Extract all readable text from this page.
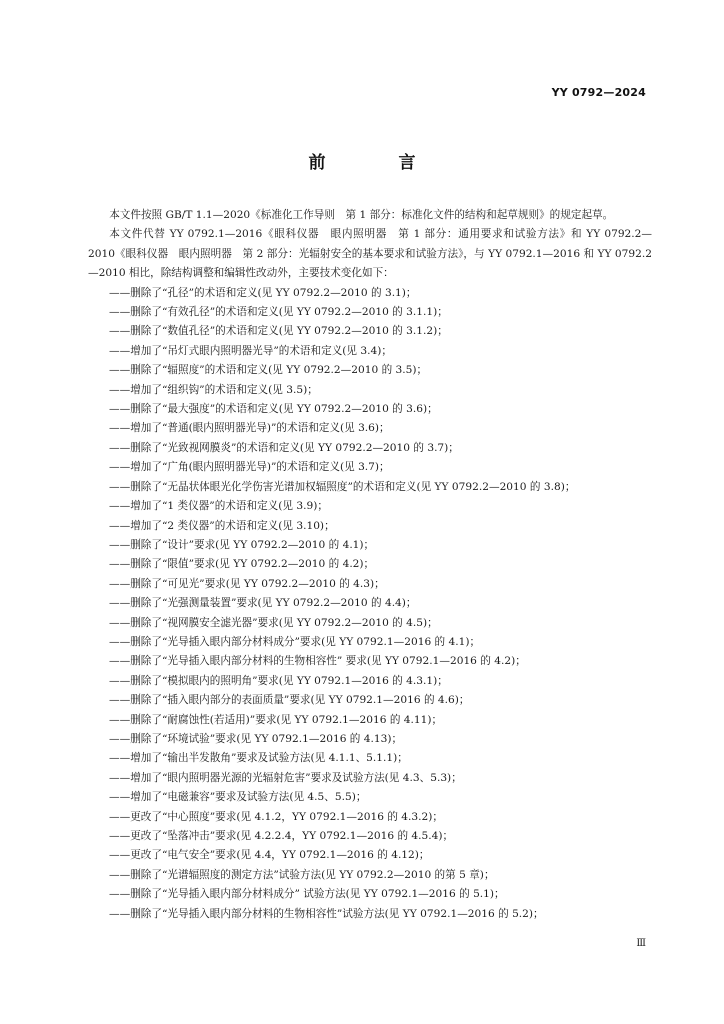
YY 0792—2024
前　言

本文件按照 GB/T 1.1—2020《标准化工作导则　第 1 部分：标准化文件的结构和起草规则》的规定起草。

本文件代替 YY 0792.1—2016《眼科仪器　眼内照明器　第 1 部分：通用要求和试验方法》和 YY 0792.2—2010《眼科仪器　眼内照明器　第 2 部分：光辐射安全的基本要求和试验方法》，与 YY 0792.1—2016 和 YY 0792.2—2010 相比，除结构调整和编辑性改动外，主要技术变化如下：

——删除了“孔径”的术语和定义(见 YY 0792.2—2010 的 3.1)；
——删除了“有效孔径”的术语和定义(见 YY 0792.2—2010 的 3.1.1)；
——删除了“数值孔径”的术语和定义(见 YY 0792.2—2010 的 3.1.2)；
——增加了“吊灯式眼内照明器光导”的术语和定义(见 3.4)；
——删除了“辐照度”的术语和定义(见 YY 0792.2—2010 的 3.5)；
——增加了“组织钩”的术语和定义(见 3.5)；
——删除了“最大强度”的术语和定义(见 YY 0792.2—2010 的 3.6)；
——增加了“普通(眼内照明器光导)”的术语和定义(见 3.6)；
——删除了“光致视网膜炎”的术语和定义(见 YY 0792.2—2010 的 3.7)；
——增加了“广角(眼内照明器光导)”的术语和定义(见 3.7)；
——删除了“无晶状体眼光化学伤害光谱加权辐照度”的术语和定义(见 YY 0792.2—2010 的 3.8)；
——增加了“1 类仪器”的术语和定义(见 3.9)；
——增加了“2 类仪器”的术语和定义(见 3.10)；
——删除了“设计”要求(见 YY 0792.2—2010 的 4.1)；
——删除了“限值”要求(见 YY 0792.2—2010 的 4.2)；
——删除了“可见光”要求(见 YY 0792.2—2010 的 4.3)；
——删除了“光强测量装置”要求(见 YY 0792.2—2010 的 4.4)；
——删除了“视网膜安全滤光器”要求(见 YY 0792.2—2010 的 4.5)；
——删除了“光导插入眼内部分材料成分”要求(见 YY 0792.1—2016 的 4.1)；
——删除了“光导插入眼内部分材料的生物相容性” 要求(见 YY 0792.1—2016 的 4.2)；
——删除了“模拟眼内的照明角”要求(见 YY 0792.1—2016 的 4.3.1)；
——删除了“插入眼内部分的表面质量”要求(见 YY 0792.1—2016 的 4.6)；
——删除了“耐腐蚀性(若适用)”要求(见 YY 0792.1—2016 的 4.11)；
——删除了“环境试验”要求(见 YY 0792.1—2016 的 4.13)；
——增加了“输出半发散角”要求及试验方法(见 4.1.1、5.1.1)；
——增加了“眼内照明器光源的光辐射危害”要求及试验方法(见 4.3、5.3)；
——增加了“电磁兼容”要求及试验方法(见 4.5、5.5)；
——更改了“中心照度”要求(见 4.1.2，YY 0792.1—2016 的 4.3.2)；
——更改了“坠落冲击”要求(见 4.2.2.4，YY 0792.1—2016 的 4.5.4)；
——更改了“电气安全”要求(见 4.4，YY 0792.1—2016 的 4.12)；
——删除了“光谱辐照度的测定方法”试验方法(见 YY 0792.2—2010 的第 5 章)；
——删除了“光导插入眼内部分材料成分” 试验方法(见 YY 0792.1—2016 的 5.1)；
——删除了“光导插入眼内部分材料的生物相容性”试验方法(见 YY 0792.1—2016 的 5.2)；
Ⅲ
